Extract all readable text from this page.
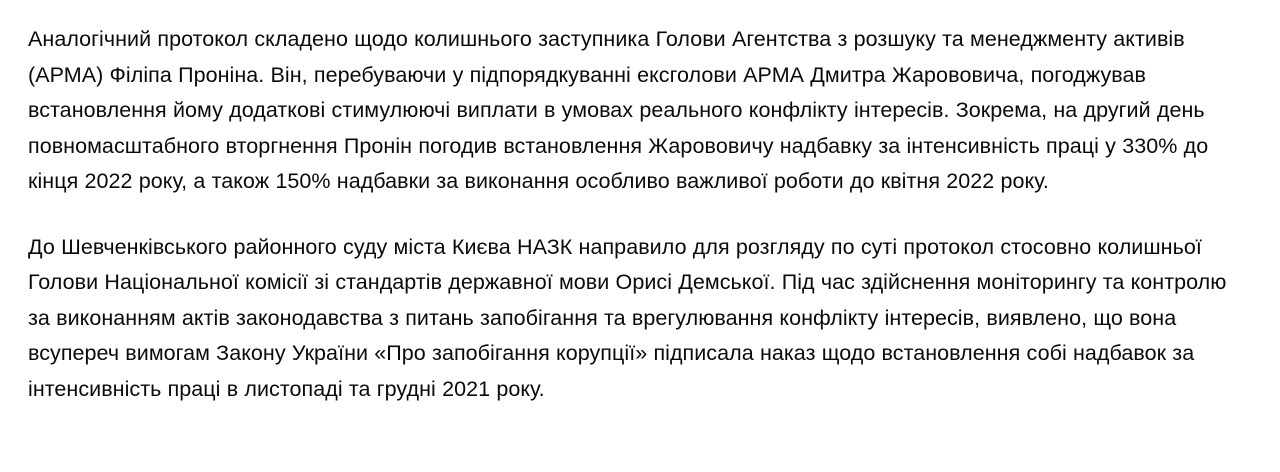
Аналогічний протокол складено щодо колишнього заступника Голови Агентства з розшуку та менеджменту активів (АРМА) Філіпа Проніна. Він, перебуваючи у підпорядкуванні ексголови АРМА Дмитра Жаровoвича, погоджував встановлення йому додаткові стимулюючі виплати в умовах реального конфлікту інтересів. Зокрема, на другий день повномасштабного вторгнення Пронін погодив встановлення Жаровoвичу надбавку за інтенсивність праці у 330% до кінця 2022 року, а також 150% надбавки за виконання особливо важливої роботи до квітня 2022 року.

До Шевченківського районного суду міста Києва НАЗК направило для розгляду по суті протокол стосовно колишньої Голови Національної комісії зі стандартів державної мови Орисі Демської. Під час здійснення моніторингу та контролю за виконанням актів законодавства з питань запобігання та врегулювання конфлікту інтересів, виявлено, що вона всупереч вимогам Закону України «Про запобігання корупції» підписала наказ щодо встановлення собі надбавок за інтенсивність праці в листопаді та грудні 2021 року.
